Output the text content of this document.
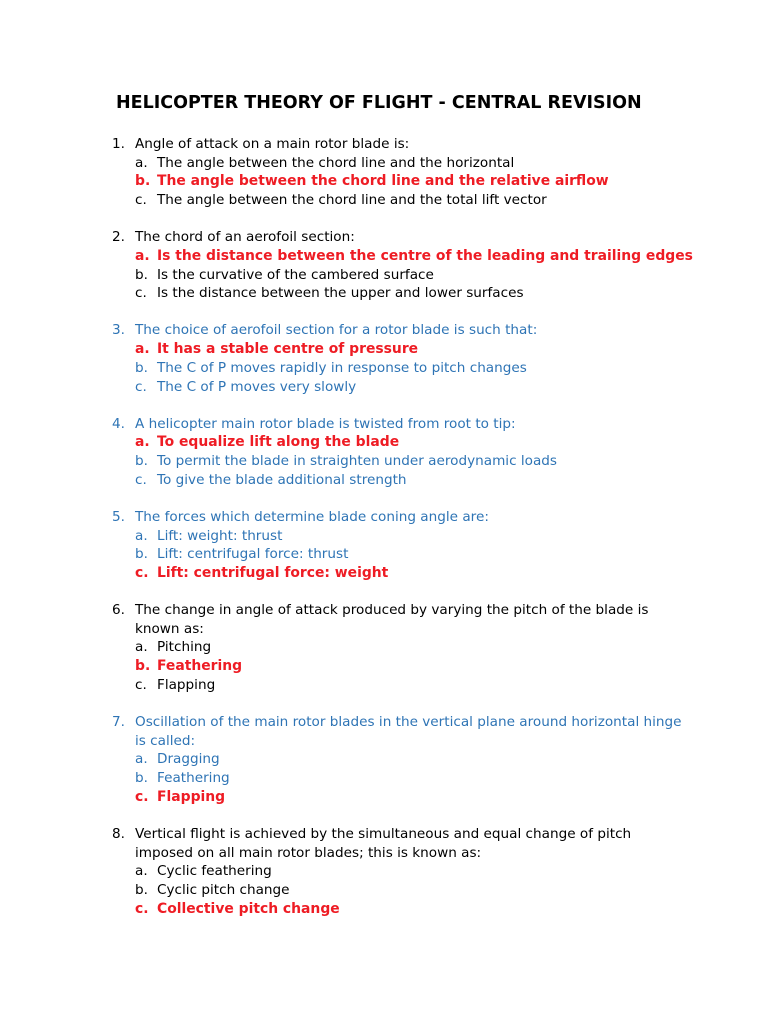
HELICOPTER THEORY OF FLIGHT - CENTRAL REVISION
1. Angle of attack on a main rotor blade is:
a. The angle between the chord line and the horizontal
b. The angle between the chord line and the relative airflow
c. The angle between the chord line and the total lift vector
2. The chord of an aerofoil section:
a. Is the distance between the centre of the leading and trailing edges
b. Is the curvative of the cambered surface
c. Is the distance between the upper and lower surfaces
3. The choice of aerofoil section for a rotor blade is such that:
a. It has a stable centre of pressure
b. The C of P moves rapidly in response to pitch changes
c. The C of P moves very slowly
4. A helicopter main rotor blade is twisted from root to tip:
a. To equalize lift along the blade
b. To permit the blade in straighten under aerodynamic loads
c. To give the blade additional strength
5. The forces which determine blade coning angle are:
a. Lift: weight: thrust
b. Lift: centrifugal force: thrust
c. Lift: centrifugal force: weight
6. The change in angle of attack produced by varying the pitch of the blade is known as:
a. Pitching
b. Feathering
c. Flapping
7. Oscillation of the main rotor blades in the vertical plane around horizontal hinge is called:
a. Dragging
b. Feathering
c. Flapping
8. Vertical flight is achieved by the simultaneous and equal change of pitch imposed on all main rotor blades; this is known as:
a. Cyclic feathering
b. Cyclic pitch change
c. Collective pitch change
